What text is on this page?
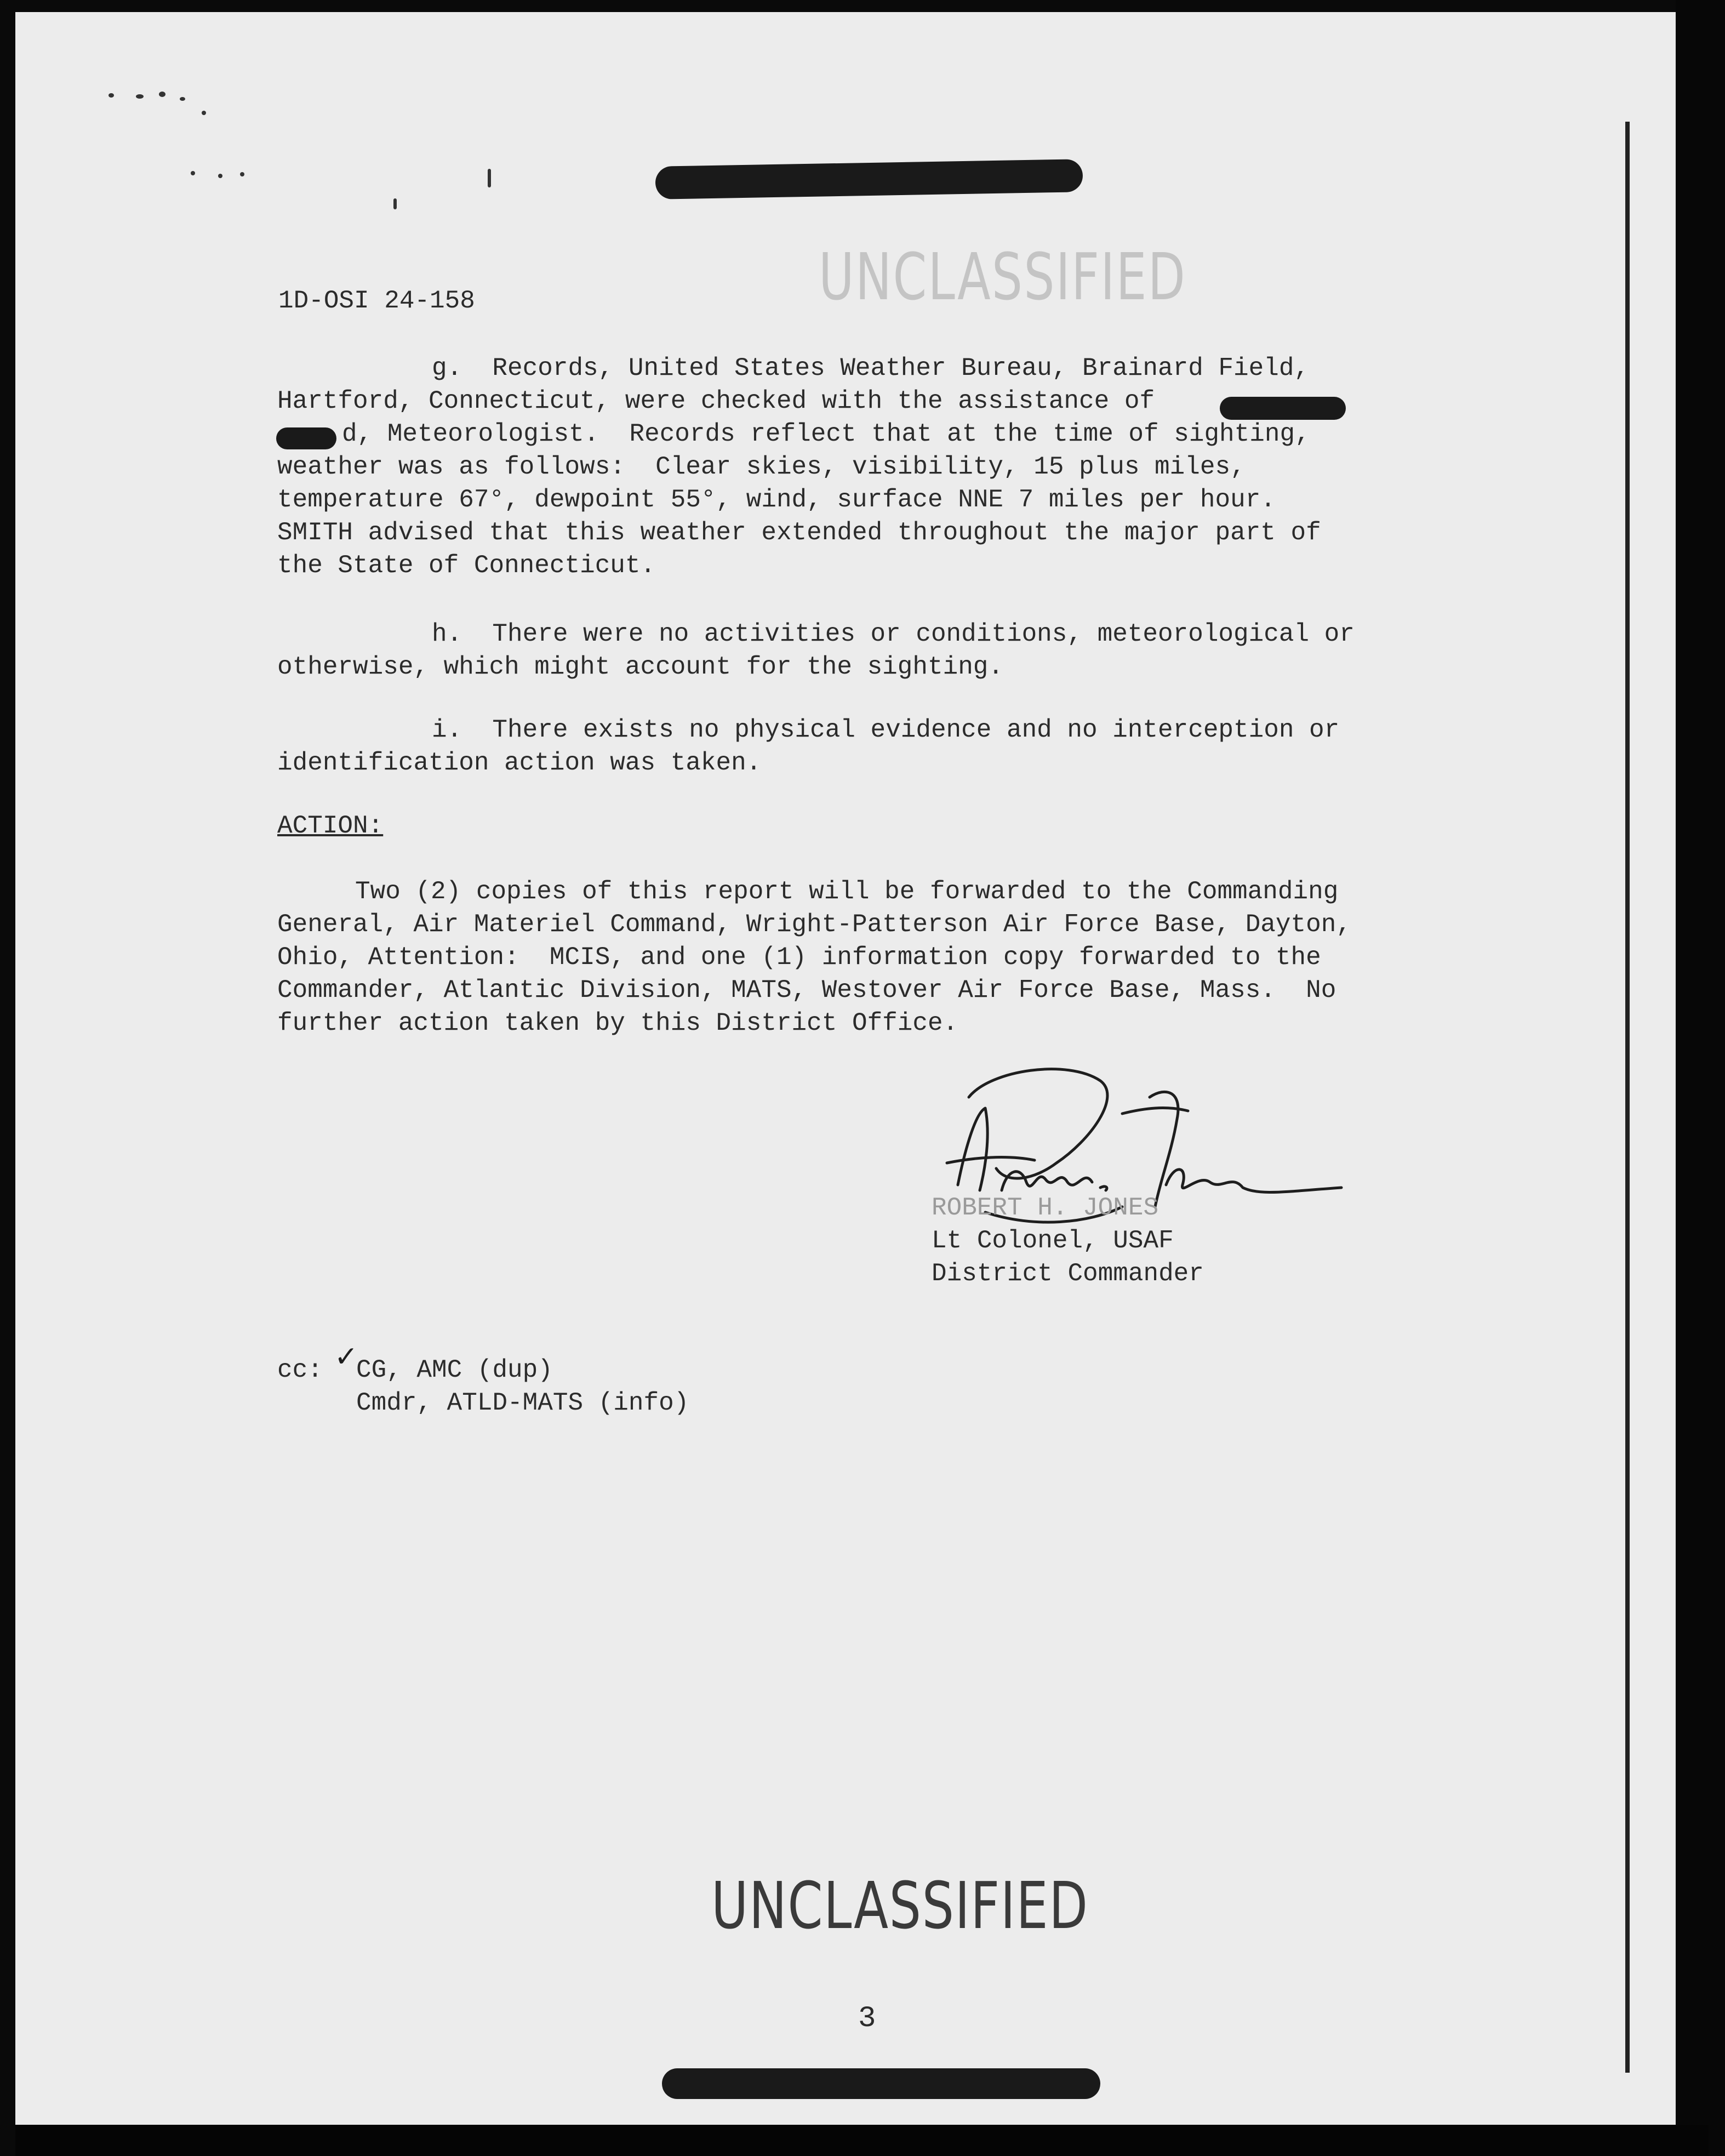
UNCLASSIFIED
1D-OSI 24-158
g.  Records, United States Weather Bureau, Brainard Field,
Hartford, Connecticut, were checked with the assistance of
d, Meteorologist.  Records reflect that at the time of sighting,
weather was as follows:  Clear skies, visibility, 15 plus miles,
temperature 67°, dewpoint 55°, wind, surface NNE 7 miles per hour.
SMITH advised that this weather extended throughout the major part of
the State of Connecticut.
h.  There were no activities or conditions, meteorological or
otherwise, which might account for the sighting.
i.  There exists no physical evidence and no interception or
identification action was taken.
ACTION:
Two (2) copies of this report will be forwarded to the Commanding
General, Air Materiel Command, Wright-Patterson Air Force Base, Dayton,
Ohio, Attention:  MCIS, and one (1) information copy forwarded to the
Commander, Atlantic Division, MATS, Westover Air Force Base, Mass.  No
further action taken by this District Office.
ROBERT H. JONES
Lt Colonel, USAF
District Commander
cc: ✓
CG, AMC (dup)
Cmdr, ATLD-MATS (info)
UNCLASSIFIED
3
